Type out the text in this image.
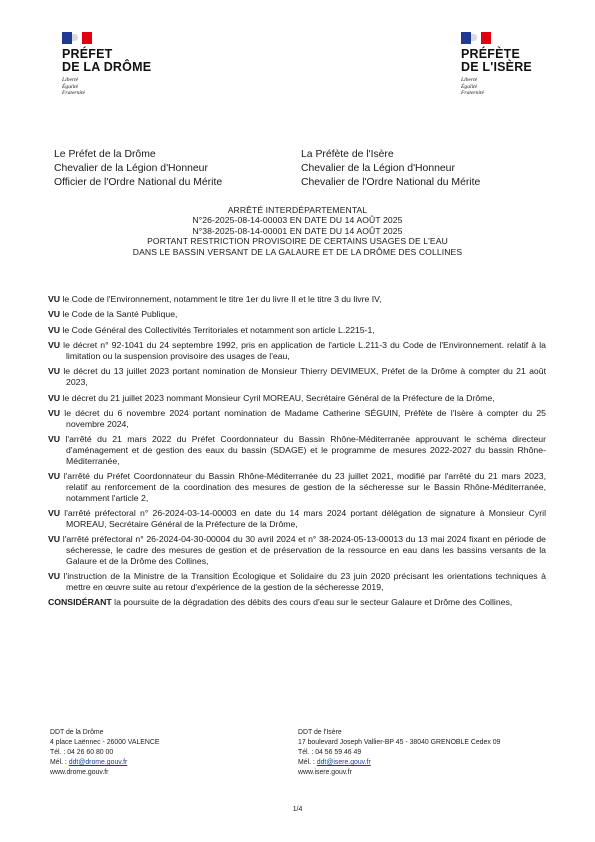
PRÉFET
DE LA DRÔME
Liberté
Égalité
Fraternité
PRÉFÈTE
DE L'ISÈRE
Liberté
Égalité
Fraternité
Le Préfet de la Drôme
Chevalier de la Légion d'Honneur
Officier de l'Ordre National du Mérite
La Préfète de l'Isère
Chevalier de la Légion d'Honneur
Chevalier de l'Ordre National du Mérite
ARRÊTÉ INTERDÉPARTEMENTAL
N°26-2025-08-14-00003 EN DATE DU 14 AOÛT 2025
N°38-2025-08-14-00001 EN DATE DU 14 AOÛT 2025
PORTANT RESTRICTION PROVISOIRE DE CERTAINS USAGES DE L'EAU
DANS LE BASSIN VERSANT DE LA GALAURE ET DE LA DRÔME DES COLLINES
VU le Code de l'Environnement, notamment le titre 1er du livre II et le titre 3 du livre IV,
VU le Code de la Santé Publique,
VU le Code Général des Collectivités Territoriales et notamment son article L.2215-1,
VU le décret n° 92-1041 du 24 septembre 1992, pris en application de l'article L.211-3 du Code de l'Environnement. relatif à la limitation ou la suspension provisoire des usages de l'eau,
VU le décret du 13 juillet 2023 portant nomination de Monsieur Thierry DEVIMEUX, Préfet de la Drôme à compter du 21 août 2023,
VU le décret du 21 juillet 2023 nommant Monsieur Cyril MOREAU, Secrétaire Général de la Préfecture de la Drôme,
VU le décret du 6 novembre 2024 portant nomination de Madame Catherine SÉGUIN, Préfète de l'Isère à compter du 25 novembre 2024,
VU l'arrêté du 21 mars 2022 du Préfet Coordonnateur du Bassin Rhône-Méditerranée approuvant le schéma directeur d'aménagement et de gestion des eaux du bassin (SDAGE) et le programme de mesures 2022-2027 du bassin Rhône-Méditerranée,
VU l'arrêté du Préfet Coordonnateur du Bassin Rhône-Méditerranée du 23 juillet 2021, modifié par l'arrêté du 21 mars 2023, relatif au renforcement de la coordination des mesures de gestion de la sécheresse sur le Bassin Rhône-Méditerranée, notamment l'article 2,
VU l'arrêté préfectoral n° 26-2024-03-14-00003 en date du 14 mars 2024 portant délégation de signature à Monsieur Cyril MOREAU, Secrétaire Général de la Préfecture de la Drôme,
VU l'arrêté préfectoral n° 26-2024-04-30-00004 du 30 avril 2024 et n° 38-2024-05-13-00013 du 13 mai 2024 fixant en période de sécheresse, le cadre des mesures de gestion et de préservation de la ressource en eau dans les bassins versants de la Galaure et de la Drôme des Collines,
VU l'instruction de la Ministre de la Transition Écologique et Solidaire du 23 juin 2020 précisant les orientations techniques à mettre en œuvre suite au retour d'expérience de la gestion de la sécheresse 2019,
CONSIDÉRANT la poursuite de la dégradation des débits des cours d'eau sur le secteur Galaure et Drôme des Collines,
DDT de la Drôme
4 place Laënnec - 26000 VALENCE
Tél. : 04 26 60 80 00
Mél. : ddt@drome.gouv.fr
www.drome.gouv.fr
DDT de l'Isère
17 boulevard Joseph Vallier-BP 45 - 38040 GRENOBLE Cedex 09
Tél. : 04 56 59 46 49
Mél. : ddt@isere.gouv.fr
www.isere.gouv.fr
1/4
